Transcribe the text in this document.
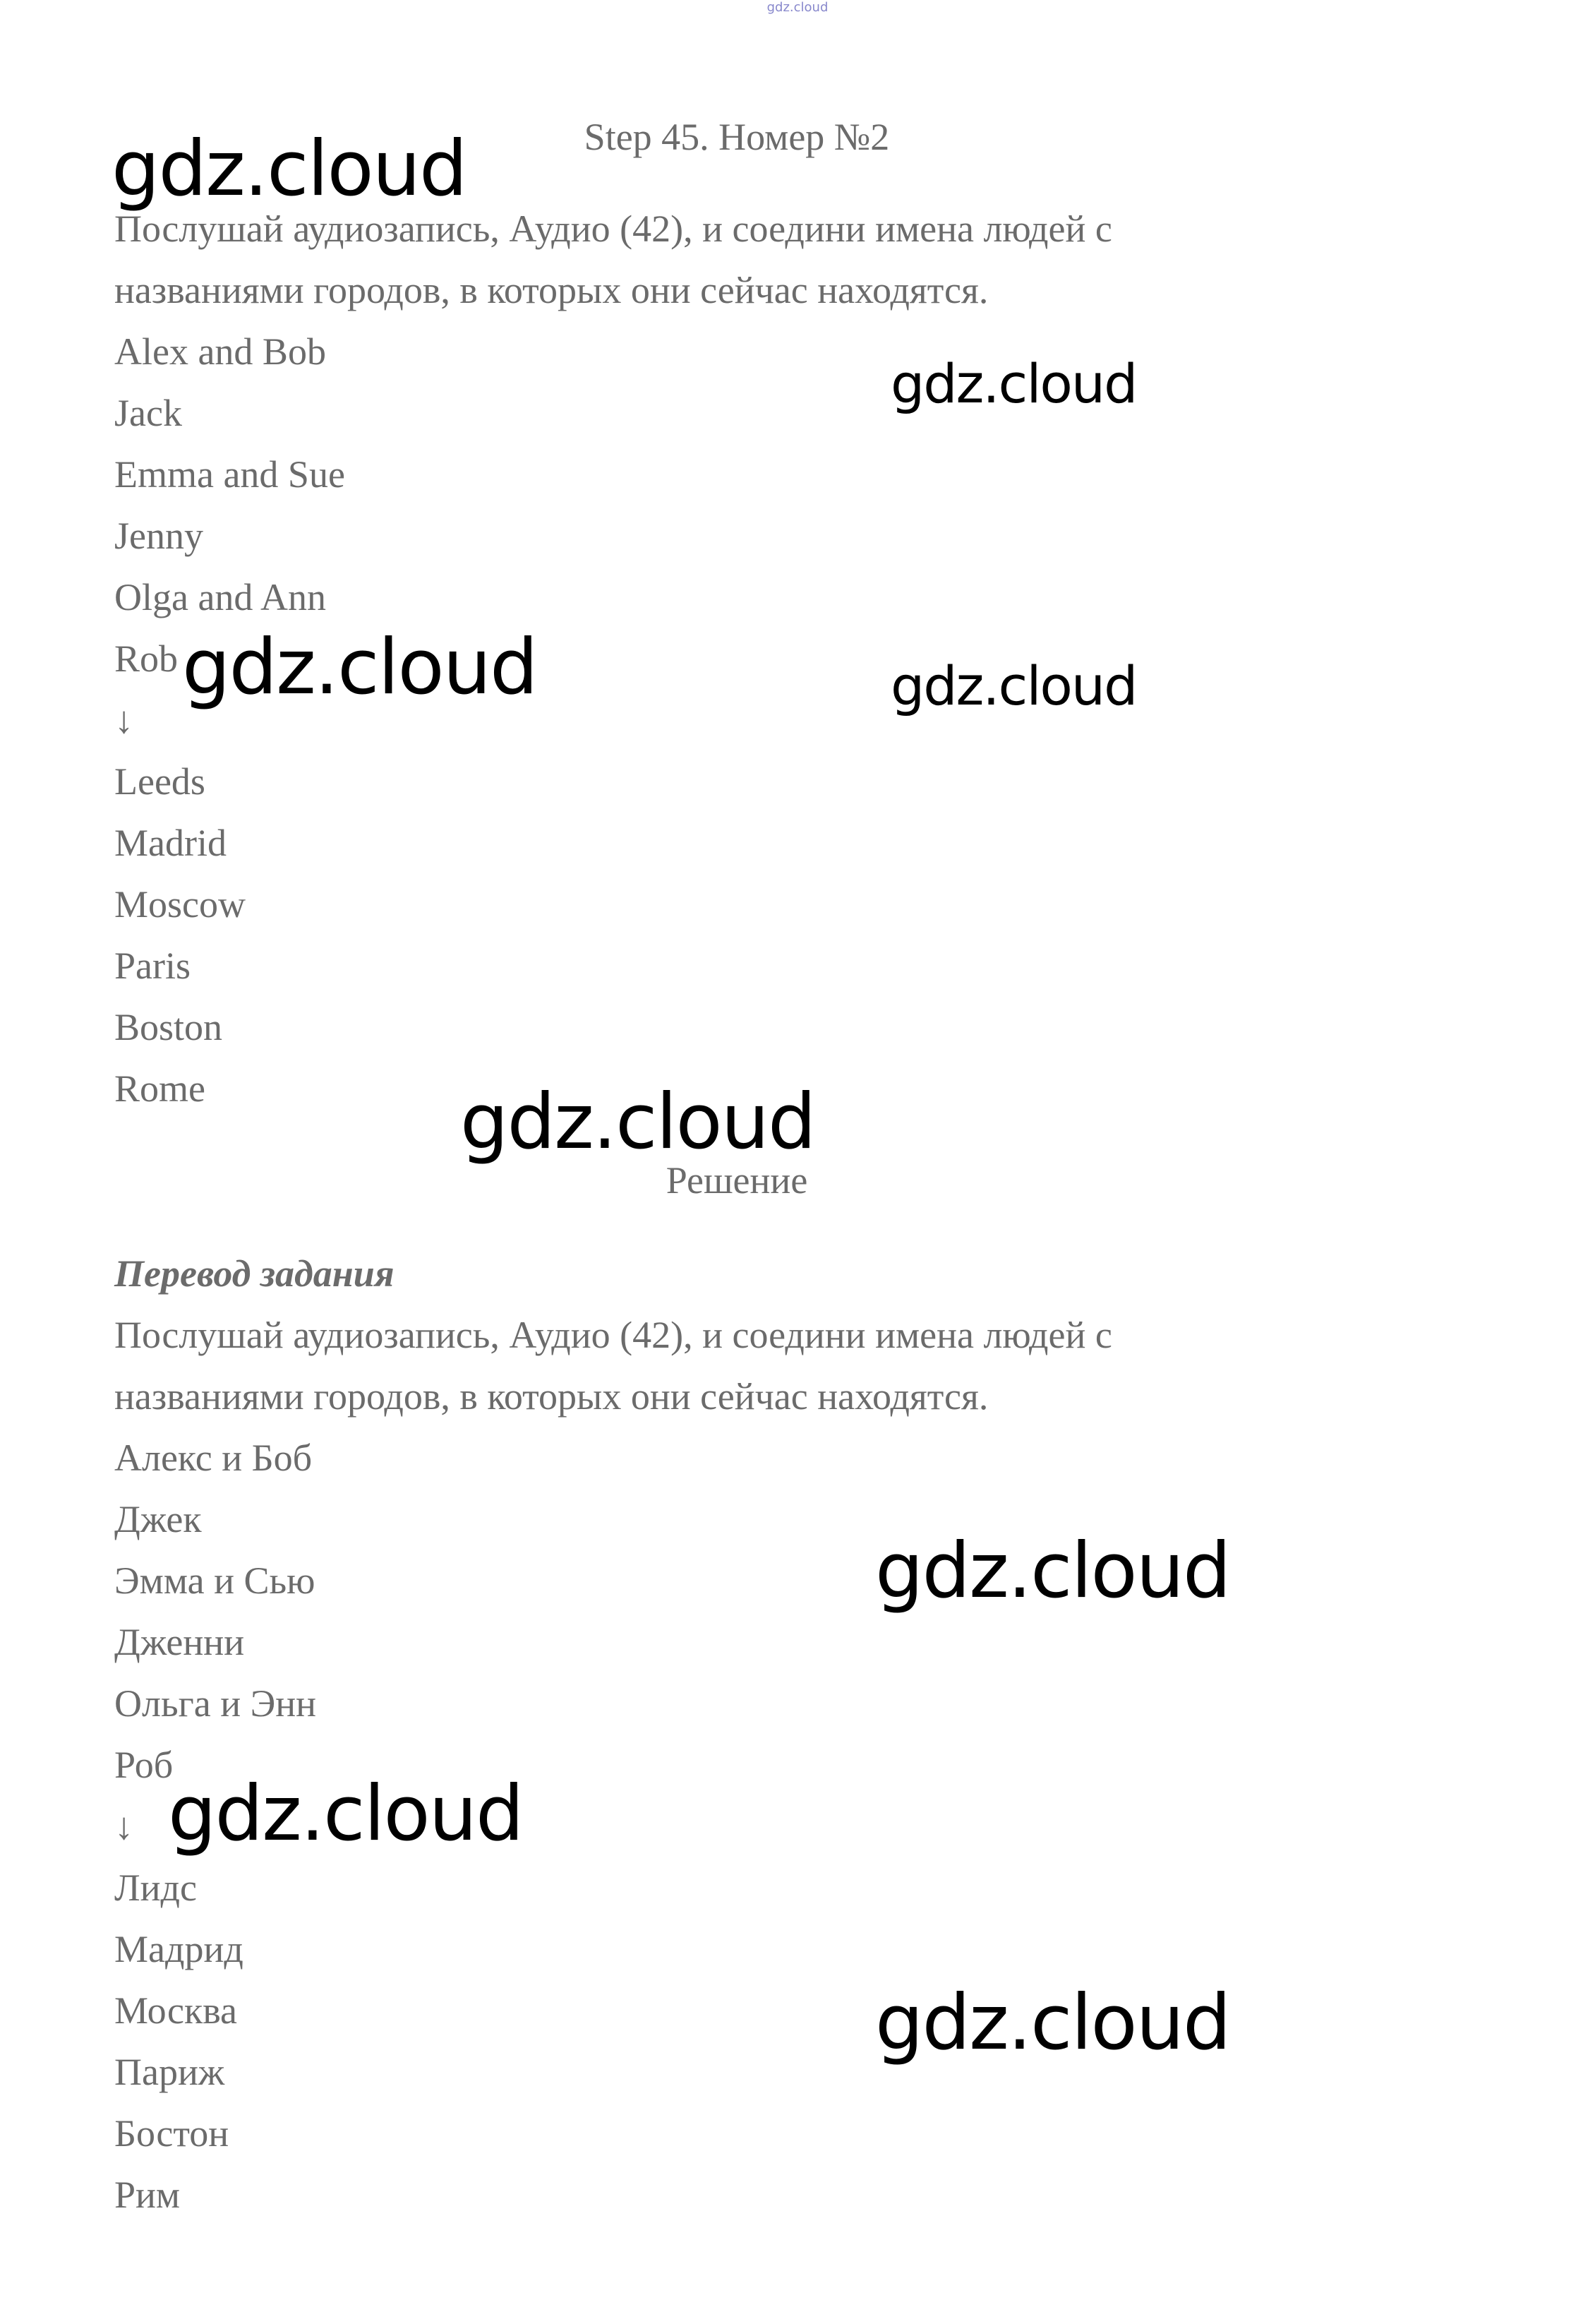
gdz.cloud
Step 45. Номер №2
Послушай аудиозапись, Аудио (42), и соедини имена людей с
названиями городов, в которых они сейчас находятся.
Alex and Bob
Jack
Emma and Sue
Jenny
Olga and Ann
Rob
↓
Leeds
Madrid
Moscow
Paris
Boston
Rome
Решение
Перевод задания
Послушай аудиозапись, Аудио (42), и соедини имена людей с
названиями городов, в которых они сейчас находятся.
Алекс и Боб
Джек
Эмма и Сью
Дженни
Ольга и Энн
Роб
↓
Лидс
Мадрид
Москва
Париж
Бостон
Рим
gdz.cloud
gdz.cloud
gdz.cloud	gdz.cloud
gdz.cloud
gdz.cloud
gdz.cloud
gdz.cloud
